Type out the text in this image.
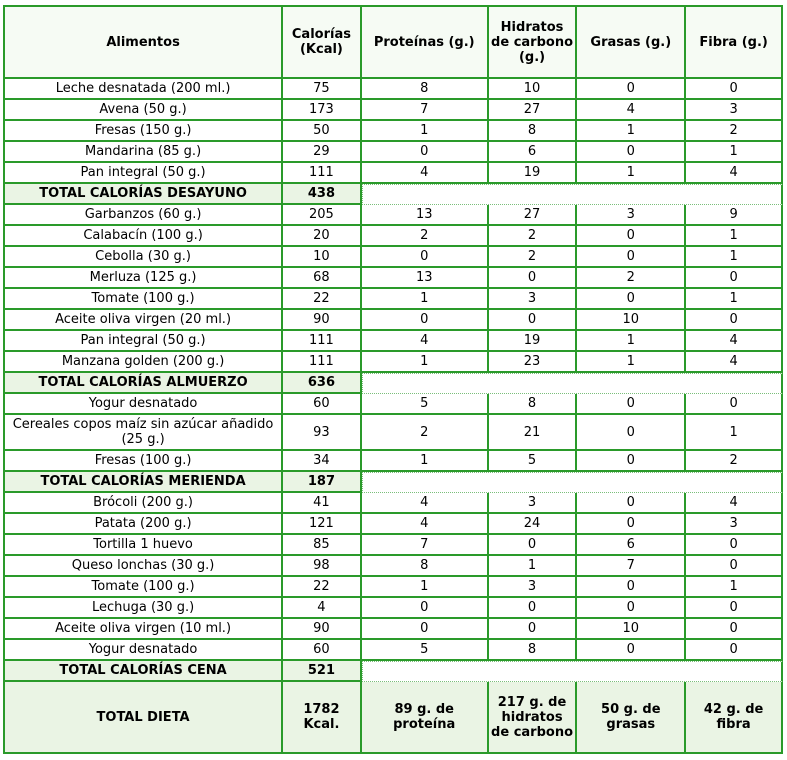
Alimentos	Calorías (Kcal)	Proteínas (g.)	Hidratos de carbono (g.)	Grasas (g.)	Fibra (g.)
Leche desnatada (200 ml.)	75	8	10	0	0
Avena (50 g.)	173	7	27	4	3
Fresas (150 g.)	50	1	8	1	2
Mandarina (85 g.)	29	0	6	0	1
Pan integral (50 g.)	111	4	19	1	4
TOTAL CALORÍAS DESAYUNO	438				
Garbanzos (60 g.)	205	13	27	3	9
Calabacín (100 g.)	20	2	2	0	1
Cebolla (30 g.)	10	0	2	0	1
Merluza (125 g.)	68	13	0	2	0
Tomate (100 g.)	22	1	3	0	1
Aceite oliva virgen (20 ml.)	90	0	0	10	0
Pan integral (50 g.)	111	4	19	1	4
Manzana golden (200 g.)	111	1	23	1	4
TOTAL CALORÍAS ALMUERZO	636				
Yogur desnatado	60	5	8	0	0
Cereales copos maíz sin azúcar añadido (25 g.)	93	2	21	0	1
Fresas (100 g.)	34	1	5	0	2
TOTAL CALORÍAS MERIENDA	187				
Brócoli (200 g.)	41	4	3	0	4
Patata (200 g.)	121	4	24	0	3
Tortilla 1 huevo	85	7	0	6	0
Queso lonchas (30 g.)	98	8	1	7	0
Tomate (100 g.)	22	1	3	0	1
Lechuga (30 g.)	4	0	0	0	0
Aceite oliva virgen (10 ml.)	90	0	0	10	0
Yogur desnatado	60	5	8	0	0
TOTAL CALORÍAS CENA	521				
TOTAL DIETA	1782 Kcal.	89 g. de proteína	217 g. de hidratos de carbono	50 g. de grasas	42 g. de fibra
